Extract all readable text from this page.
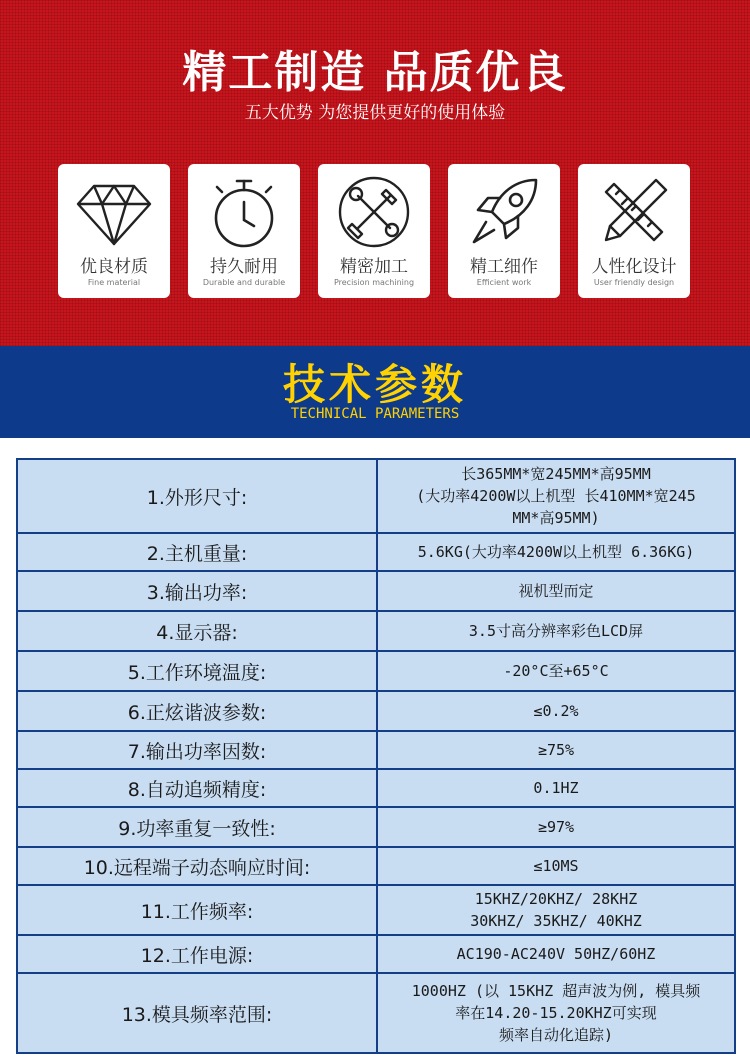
精工制造 品质优良
五大优势 为您提供更好的使用体验
优良材质
Fine material
持久耐用
Durable and durable
精密加工
Precision machining
精工细作
Efficient work
人性化设计
User friendly design
技术参数
TECHNICAL PARAMETERS
1.外形尺寸:	长365MM*宽245MM*高95MM
(大功率4200W以上机型 长410MM*宽245
MM*高95MM)

2.主机重量:	5.6KG(大功率4200W以上机型 6.36KG)
3.输出功率:	视机型而定
4.显示器:	3.5寸高分辨率彩色LCD屏
5.工作环境温度:	-20°C至+65°C
6.正炫谐波参数:	≤0.2%
7.输出功率因数:	≥75%
8.自动追频精度:	0.1HZ
9.功率重复一致性:	≥97%
10.远程端子动态响应时间:	≤10MS
11.工作频率:	15KHZ/20KHZ/ 28KHZ
30KHZ/ 35KHZ/ 40KHZ

12.工作电源:	AC190-AC240V 50HZ/60HZ
13.模具频率范围:	1000HZ (以 15KHZ 超声波为例, 模具频
率在14.20-15.20KHZ可实现
频率自动化追踪)
